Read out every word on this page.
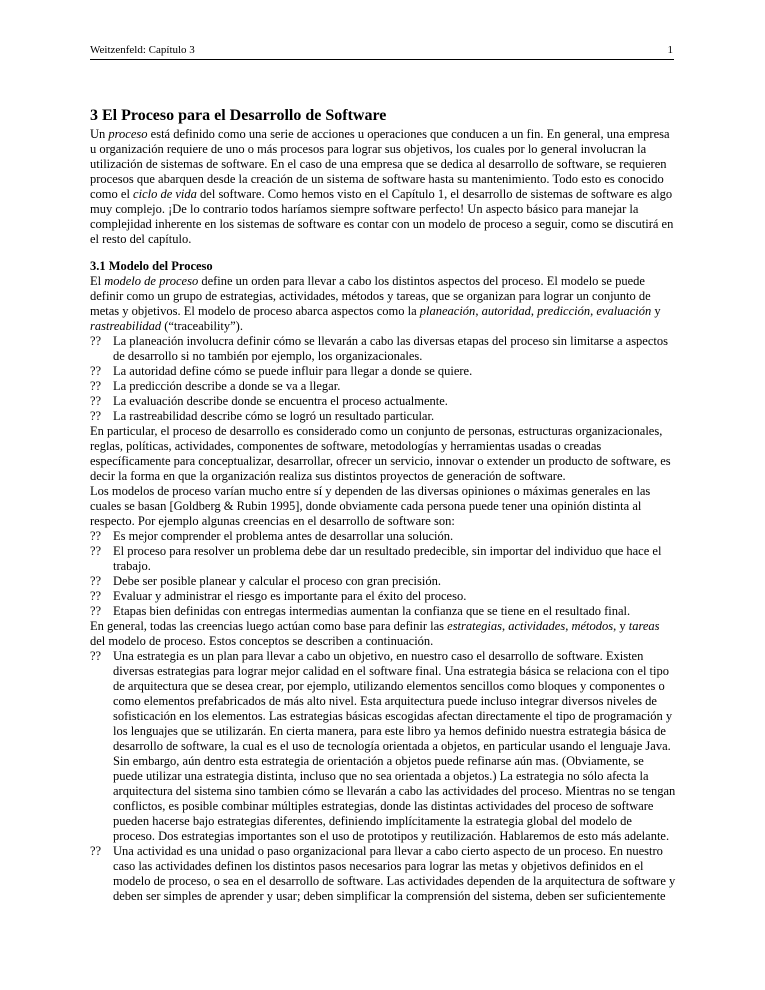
Weitzenfeld: Capítulo 3	1
3 El Proceso para el Desarrollo de Software

Un proceso está definido como una serie de acciones u operaciones que conducen a un fin. En general, una empresa u organización requiere de uno o más procesos para lograr sus objetivos, los cuales por lo general involucran la utilización de sistemas de software. En el caso de una empresa que se dedica al desarrollo de software, se requieren procesos que abarquen desde la creación de un sistema de software hasta su mantenimiento. Todo esto es conocido como el ciclo de vida del software. Como hemos visto en el Capítulo 1, el desarrollo de sistemas de software es algo muy complejo. ¡De lo contrario todos haríamos siempre software perfecto! Un aspecto básico para manejar la complejidad inherente en los sistemas de software es contar con un modelo de proceso a seguir, como se discutirá en el resto del capítulo.

3.1 Modelo del Proceso

El modelo de proceso define un orden para llevar a cabo los distintos aspectos del proceso. El modelo se puede definir como un grupo de estrategias, actividades, métodos y tareas, que se organizan para lograr un conjunto de metas y objetivos. El modelo de proceso abarca aspectos como la planeación, autoridad, predicción, evaluación y rastreabilidad (“traceability”).

?? La planeación involucra definir cómo se llevarán a cabo las diversas etapas del proceso sin limitarse a aspectos de desarrollo si no también por ejemplo, los organizacionales.
?? La autoridad define cómo se puede influir para llegar a donde se quiere.
?? La predicción describe a donde se va a llegar.
?? La evaluación describe donde se encuentra el proceso actualmente.
?? La rastreabilidad describe cómo se logró un resultado particular.

En particular, el proceso de desarrollo es considerado como un conjunto de personas, estructuras organizacionales, reglas, políticas, actividades, componentes de software, metodologías y herramientas usadas o creadas específicamente para conceptualizar, desarrollar, ofrecer un servicio, innovar o extender un producto de software, es decir la forma en que la organización realiza sus distintos proyectos de generación de software.

Los modelos de proceso varían mucho entre sí y dependen de las diversas opiniones o máximas generales en las cuales se basan [Goldberg & Rubin 1995], donde obviamente cada persona puede tener una opinión distinta al respecto. Por ejemplo algunas creencias en el desarrollo de software son:

?? Es mejor comprender el problema antes de desarrollar una solución.
?? El proceso para resolver un problema debe dar un resultado predecible, sin importar del individuo que hace el trabajo.
?? Debe ser posible planear y calcular el proceso con gran precisión.
?? Evaluar y administrar el riesgo es importante para el éxito del proceso.
?? Etapas bien definidas con entregas intermedias aumentan la confianza que se tiene en el resultado final.

En general, todas las creencias luego actúan como base para definir las estrategias, actividades, métodos, y tareas del modelo de proceso. Estos conceptos se describen a continuación.

?? Una estrategia es un plan para llevar a cabo un objetivo, en nuestro caso el desarrollo de software. Existen diversas estrategias para lograr mejor calidad en el software final. Una estrategia básica se relaciona con el tipo de arquitectura que se desea crear, por ejemplo, utilizando elementos sencillos como bloques y componentes o como elementos prefabricados de más alto nivel. Esta arquitectura puede incluso integrar diversos niveles de sofisticación en los elementos. Las estrategias básicas escogidas afectan directamente el tipo de programación y los lenguajes que se utilizarán. En cierta manera, para este libro ya hemos definido nuestra estrategia básica de desarrollo de software, la cual es el uso de tecnología orientada a objetos, en particular usando el lenguaje Java. Sin embargo, aún dentro esta estrategia de orientación a objetos puede refinarse aún mas. (Obviamente, se puede utilizar una estrategia distinta, incluso que no sea orientada a objetos.) La estrategia no sólo afecta la arquitectura del sistema sino tambien cómo se llevarán a cabo las actividades del proceso. Mientras no se tengan conflictos, es posible combinar múltiples estrategias, donde las distintas actividades del proceso de software pueden hacerse bajo estrategias diferentes, definiendo implícitamente la estrategia global del modelo de proceso. Dos estrategias importantes son el uso de prototipos y reutilización. Hablaremos de esto más adelante.
?? Una actividad es una unidad o paso organizacional para llevar a cabo cierto aspecto de un proceso. En nuestro caso las actividades definen los distintos pasos necesarios para lograr las metas y objetivos definidos en el modelo de proceso, o sea en el desarrollo de software. Las actividades dependen de la arquitectura de software y deben ser simples de aprender y usar; deben simplificar la comprensión del sistema, deben ser suficientemente
